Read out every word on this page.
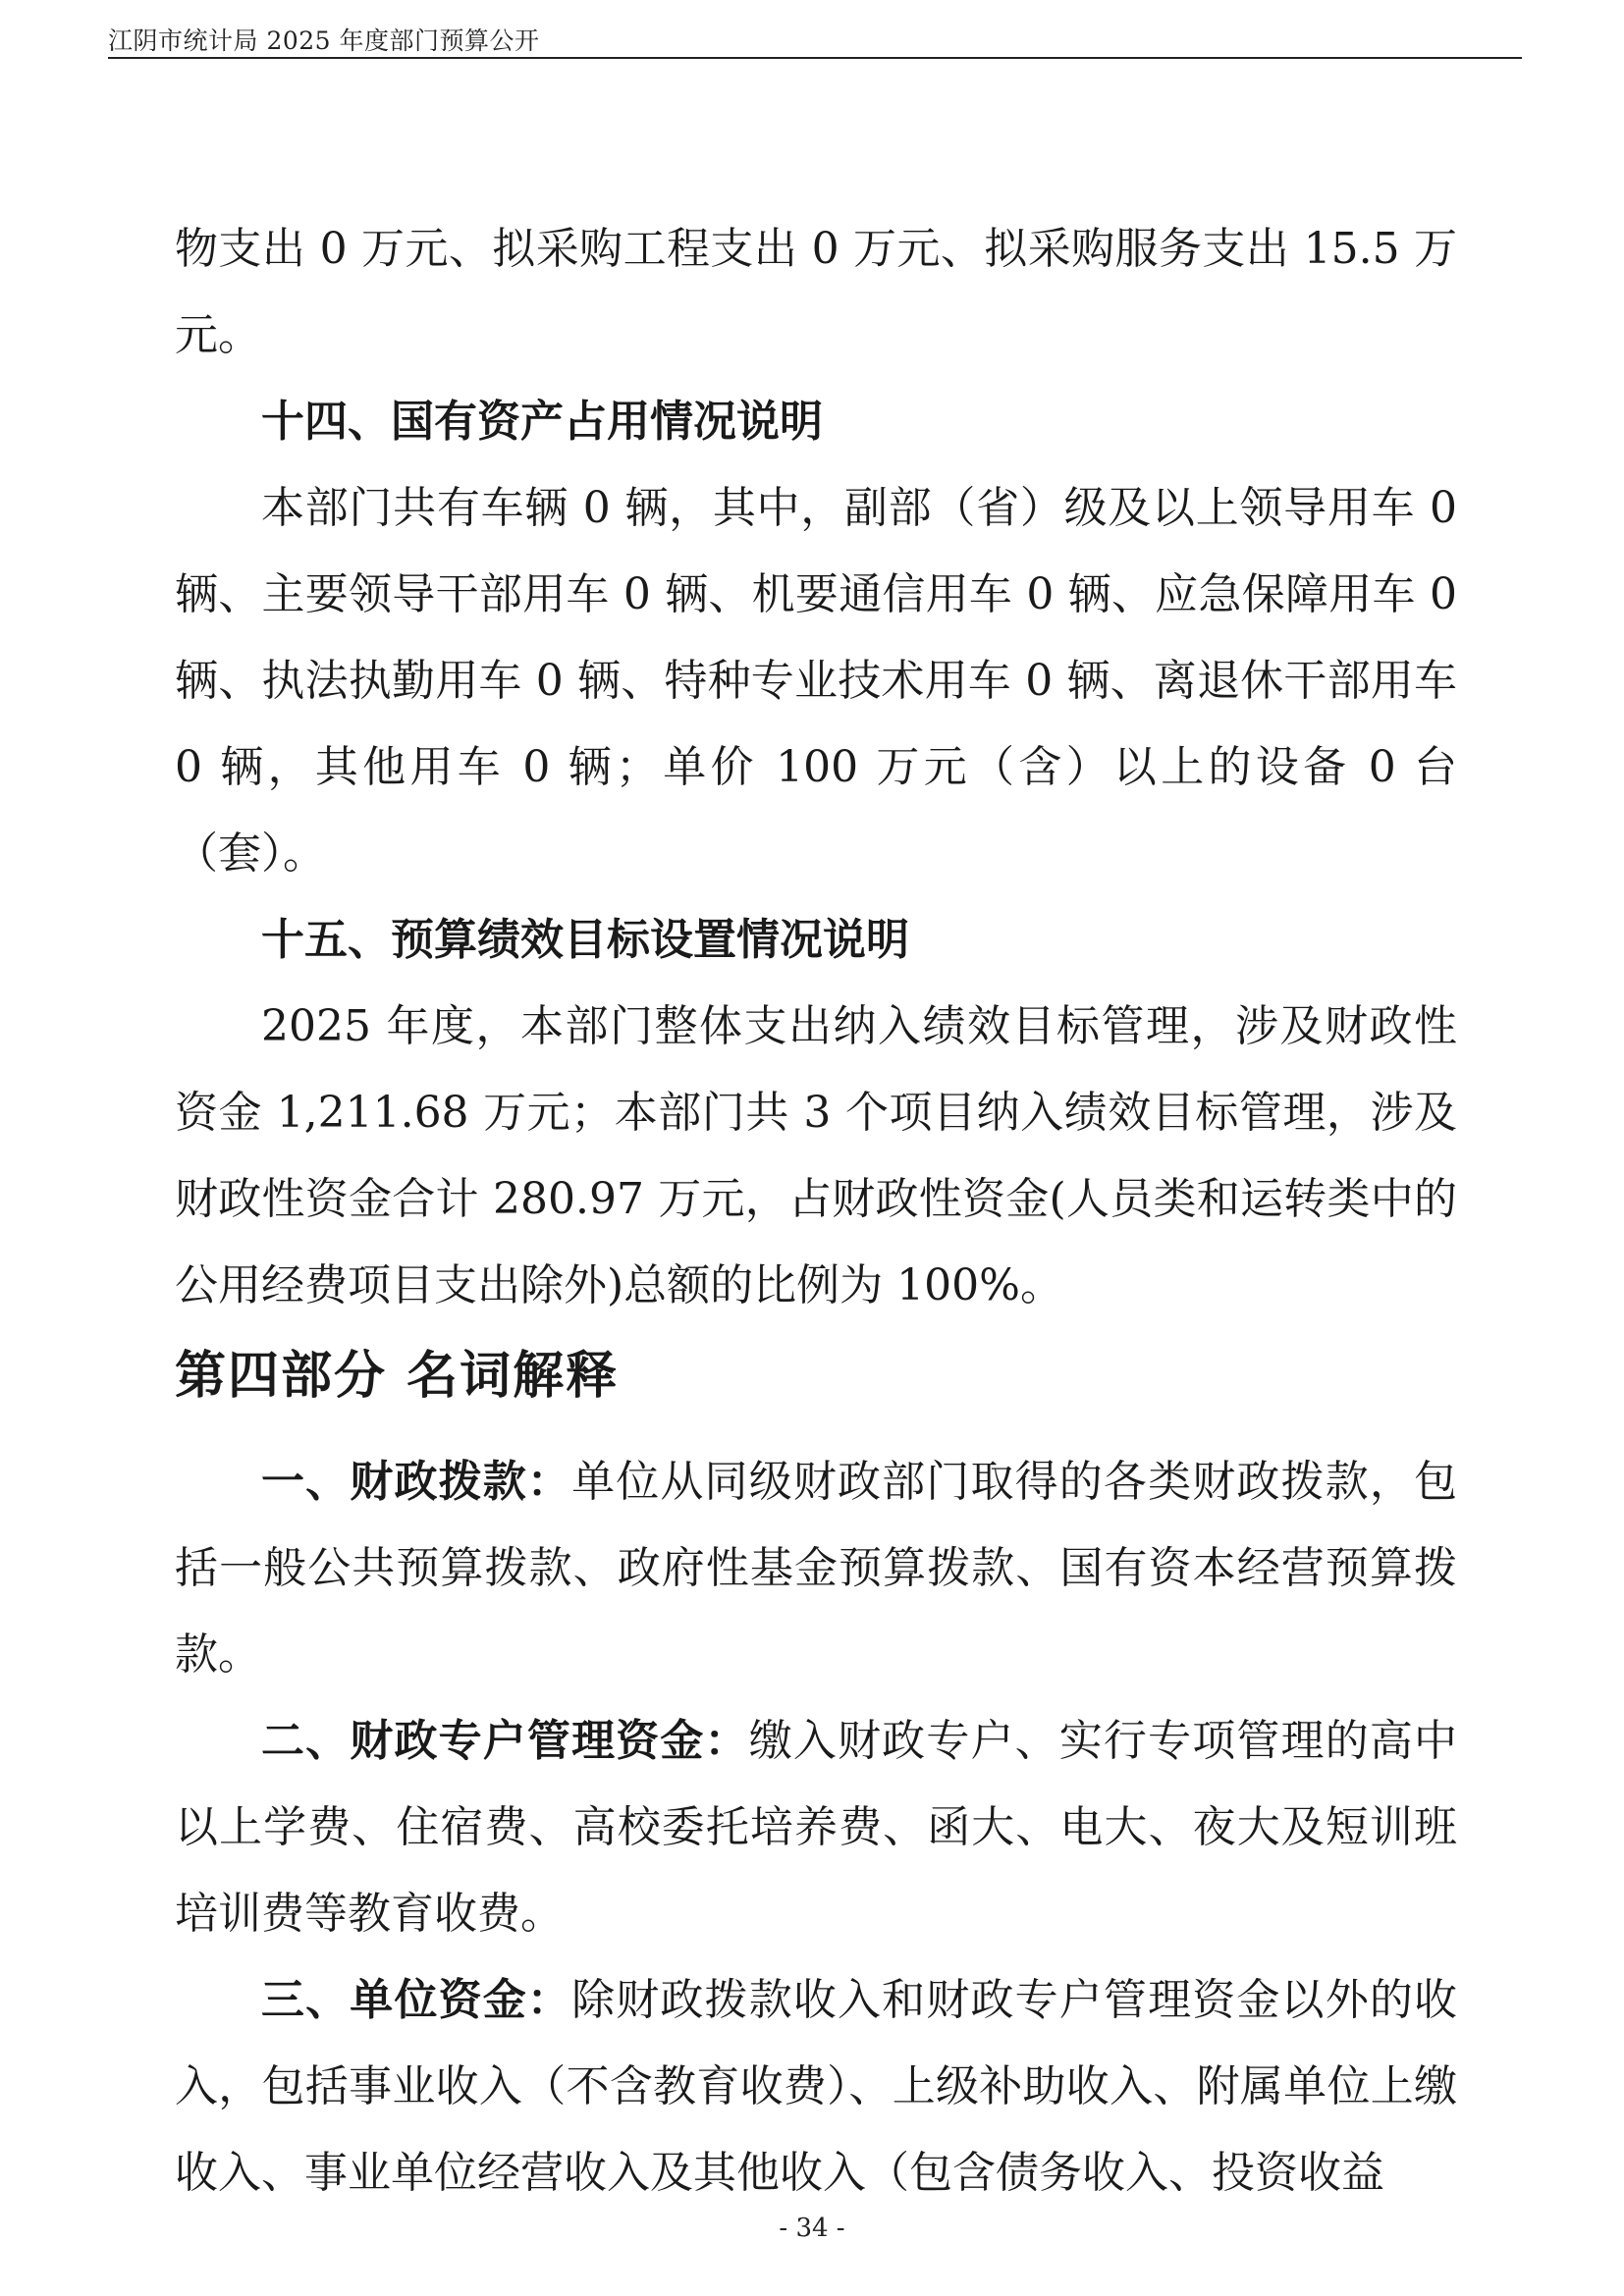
江阴市统计局 2025 年度部门预算公开

物支出 0 万元、拟采购工程支出 0 万元、拟采购服务支出 15.5 万元。

十四、国有资产占用情况说明

本部门共有车辆 0 辆，其中，副部（省）级及以上领导用车 0 辆、主要领导干部用车 0 辆、机要通信用车 0 辆、应急保障用车 0 辆、执法执勤用车 0 辆、特种专业技术用车 0 辆、离退休干部用车 0 辆，其他用车 0 辆；单价 100 万元（含）以上的设备 0 台（套）。

十五、预算绩效目标设置情况说明

2025 年度，本部门整体支出纳入绩效目标管理，涉及财政性资金 1,211.68 万元；本部门共 3 个项目纳入绩效目标管理，涉及财政性资金合计 280.97 万元，占财政性资金(人员类和运转类中的公用经费项目支出除外)总额的比例为 100%。

第四部分 名词解释

一、财政拨款：单位从同级财政部门取得的各类财政拨款，包括一般公共预算拨款、政府性基金预算拨款、国有资本经营预算拨款。

二、财政专户管理资金：缴入财政专户、实行专项管理的高中以上学费、住宿费、高校委托培养费、函大、电大、夜大及短训班培训费等教育收费。

三、单位资金：除财政拨款收入和财政专户管理资金以外的收入，包括事业收入（不含教育收费）、上级补助收入、附属单位上缴收入、事业单位经营收入及其他收入（包含债务收入、投资收益

- 34 -
